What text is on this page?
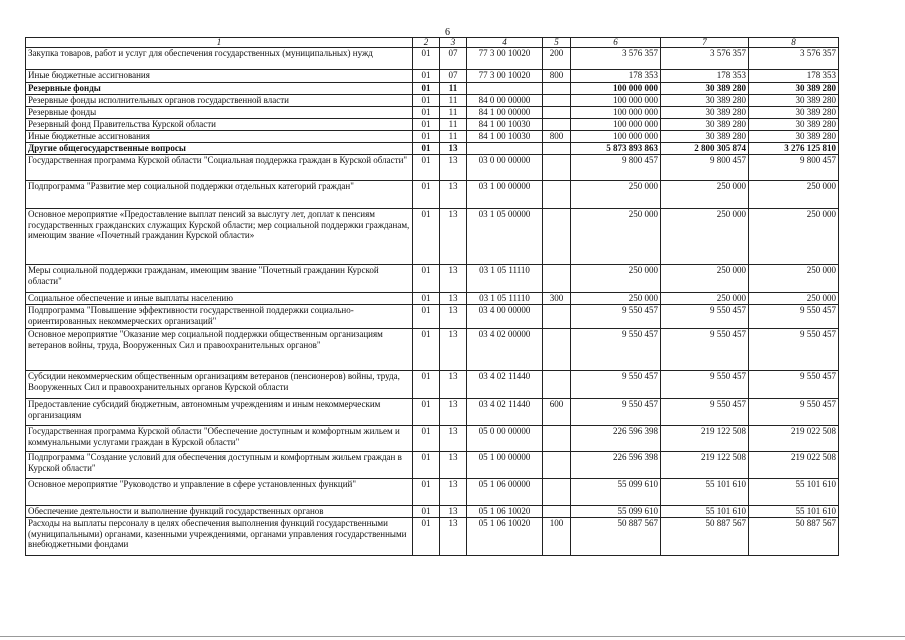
6
1	2	3	4	5	6	7	8
Закупка товаров, работ и услуг для обеспечения государственных (муниципальных) нужд	01	07	77 3 00 10020	200	3 576 357	3 576 357	3 576 357
Иные бюджетные ассигнования	01	07	77 3 00 10020	800	178 353	178 353	178 353
Резервные фонды	01	11			100 000 000	30 389 280	30 389 280
Резервные фонды исполнительных органов государственной власти	01	11	84 0 00 00000		100 000 000	30 389 280	30 389 280
Резервные фонды	01	11	84 1 00 00000		100 000 000	30 389 280	30 389 280
Резервный фонд Правительства Курской области	01	11	84 1 00 10030		100 000 000	30 389 280	30 389 280
Иные бюджетные ассигнования	01	11	84 1 00 10030	800	100 000 000	30 389 280	30 389 280
Другие общегосударственные вопросы	01	13			5 873 893 863	2 800 305 874	3 276 125 810
Государственная программа Курской области "Социальная поддержка граждан в Курской области"	01	13	03 0 00 00000		9 800 457	9 800 457	9 800 457
Подпрограмма "Развитие мер социальной поддержки отдельных категорий граждан"	01	13	03 1 00 00000		250 000	250 000	250 000
Основное мероприятие «Предоставление выплат пенсий за выслугу лет, доплат к пенсиям государственных гражданских служащих Курской области; мер социальной поддержки гражданам, имеющим звание «Почетный гражданин Курской области»	01	13	03 1 05 00000		250 000	250 000	250 000
Меры социальной поддержки гражданам, имеющим звание "Почетный гражданин Курской области"	01	13	03 1 05 11110		250 000	250 000	250 000
Социальное обеспечение и иные выплаты населению	01	13	03 1 05 11110	300	250 000	250 000	250 000
Подпрограмма "Повышение эффективности государственной поддержки социально-ориентированных некоммерческих организаций"	01	13	03 4 00 00000		9 550 457	9 550 457	9 550 457
Основное мероприятие "Оказание мер социальной поддержки общественным организациям ветеранов войны, труда, Вооруженных Сил и правоохранительных органов"	01	13	03 4 02 00000		9 550 457	9 550 457	9 550 457
Субсидии некоммерческим общественным организациям ветеранов (пенсионеров) войны, труда, Вооруженных Сил и правоохранительных органов Курской области	01	13	03 4 02 11440		9 550 457	9 550 457	9 550 457
Предоставление субсидий бюджетным, автономным учреждениям и иным некоммерческим организациям	01	13	03 4 02 11440	600	9 550 457	9 550 457	9 550 457
Государственная программа Курской области "Обеспечение доступным и комфортным жильем и коммунальными услугами граждан в Курской области"	01	13	05 0 00 00000		226 596 398	219 122 508	219 022 508
Подпрограмма "Создание условий для обеспечения доступным и комфортным жильем граждан в Курской области"	01	13	05 1 00 00000		226 596 398	219 122 508	219 022 508
Основное мероприятие "Руководство и управление в сфере установленных функций"	01	13	05 1 06 00000		55 099 610	55 101 610	55 101 610
Обеспечение деятельности и выполнение функций государственных органов	01	13	05 1 06 10020		55 099 610	55 101 610	55 101 610
Расходы на выплаты персоналу в целях обеспечения выполнения функций государственными (муниципальными) органами, казенными учреждениями, органами управления государственными внебюджетными фондами	01	13	05 1 06 10020	100	50 887 567	50 887 567	50 887 567
